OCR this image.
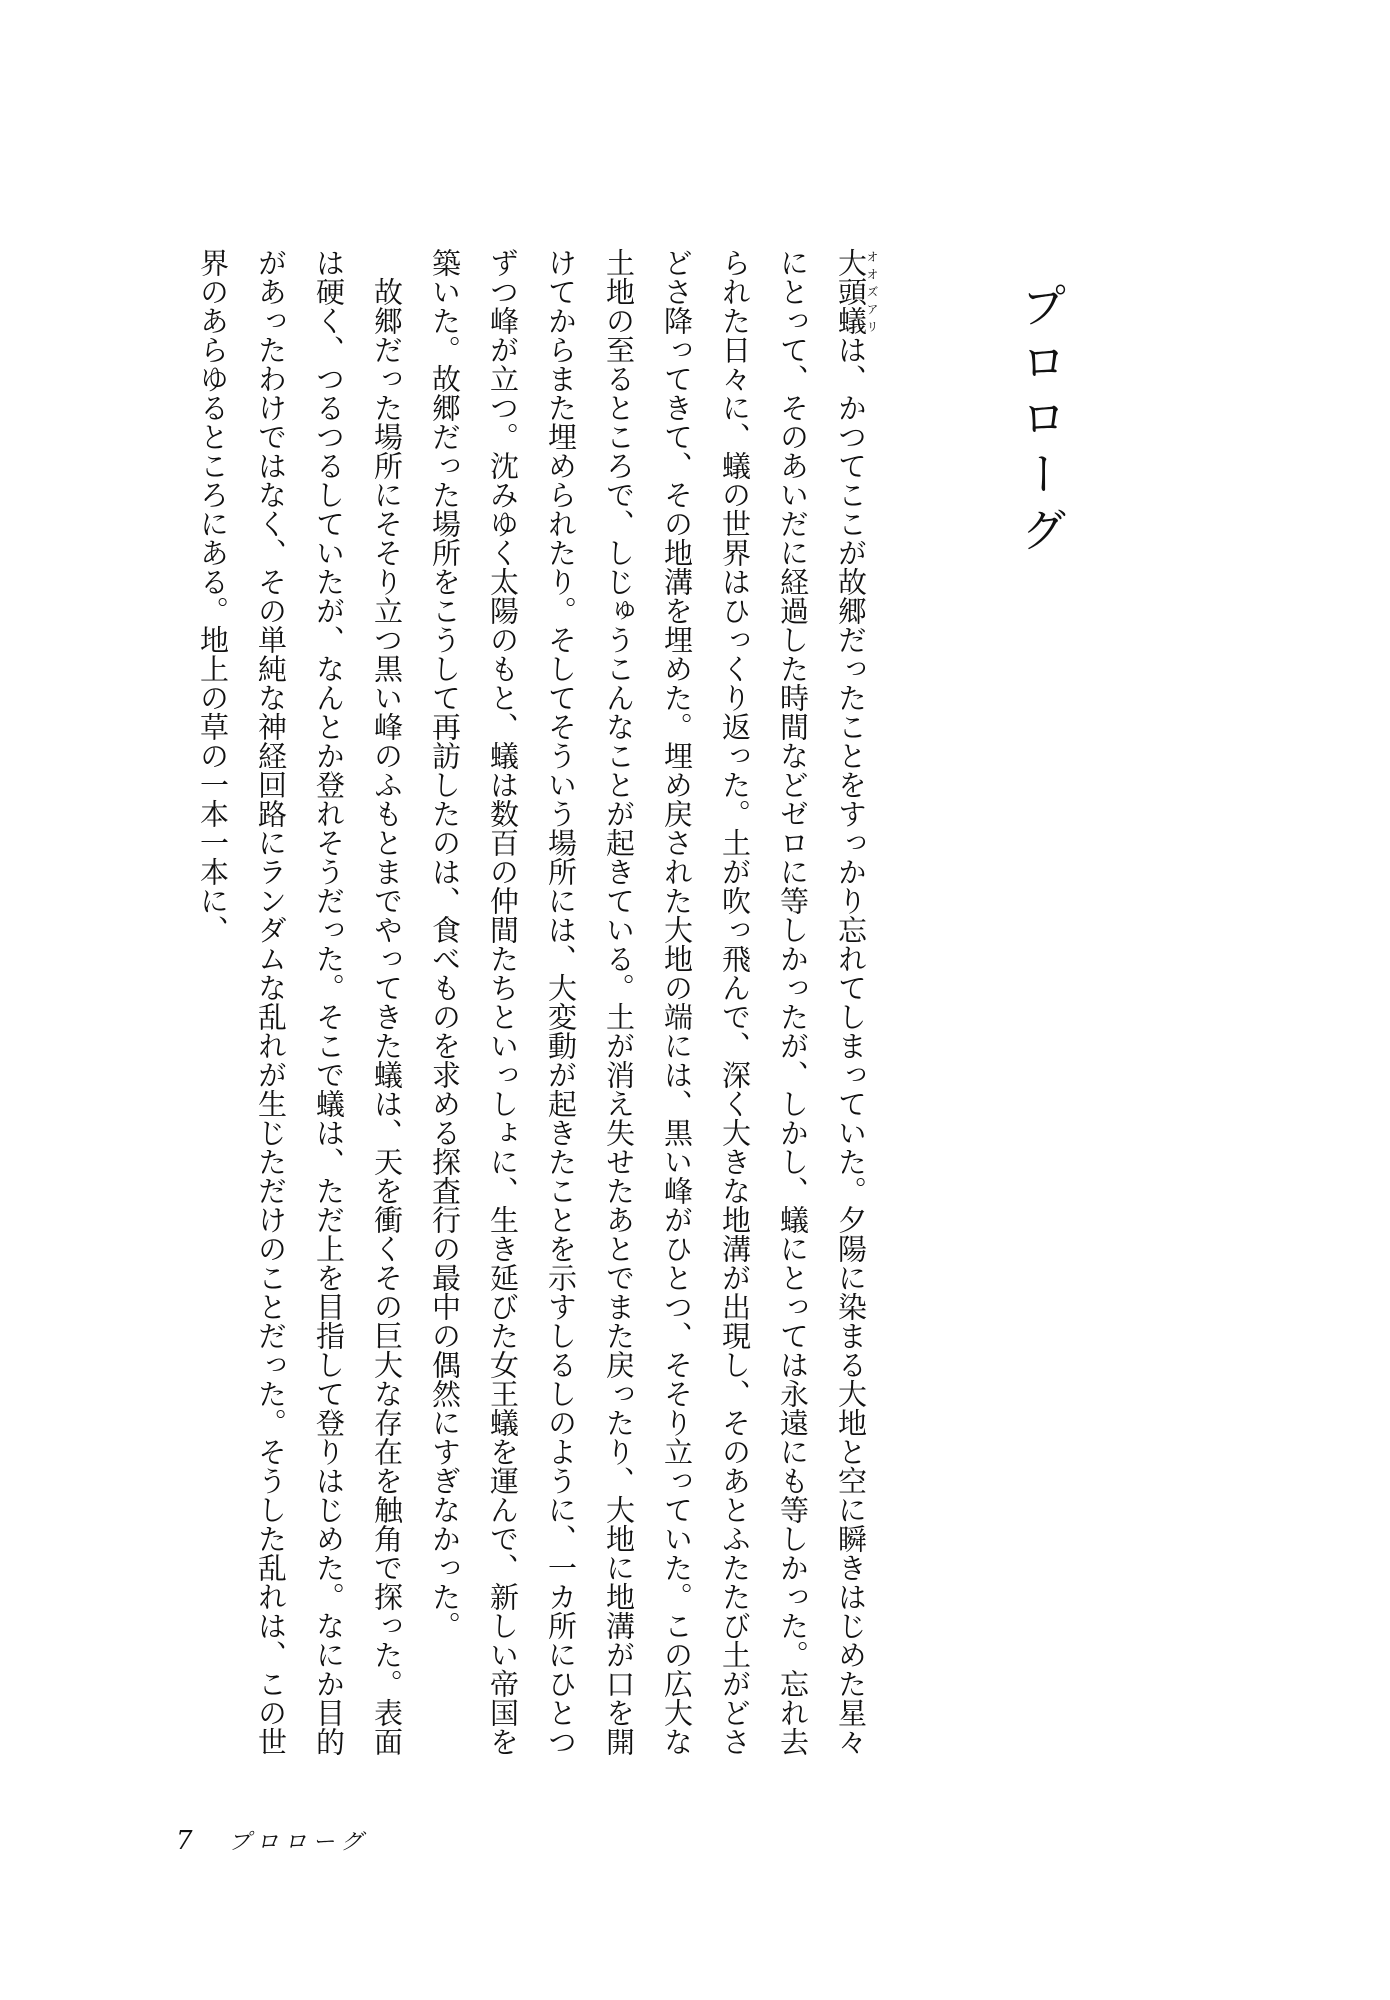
プロローグ

大頭蟻オオズアリは、かつてここが故郷だったことをすっかり忘れてしまっていた。夕陽に染まる大地と空に瞬きはじめた星々にとって、そのあいだに経過した時間などゼロに等しかったが、しかし、蟻にとっては永遠にも等しかった。忘れ去られた日々に、蟻の世界はひっくり返った。土が吹っ飛んで、深く大きな地溝が出現し、そのあとふたたび土がどさどさ降ってきて、その地溝を埋めた。埋め戻された大地の端には、黒い峰がひとつ、そそり立っていた。この広大な土地の至るところで、しじゅうこんなことが起きている。土が消え失せたあとでまた戻ったり、大地に地溝が口を開けてからまた埋められたり。そしてそういう場所には、大変動が起きたことを示すしるしのように、一カ所にひとつずつ峰が立つ。沈みゆく太陽のもと、蟻は数百の仲間たちといっしょに、生き延びた女王蟻を運んで、新しい帝国を築いた。故郷だった場所をこうして再訪したのは、食べものを求める探査行の最中の偶然にすぎなかった。

故郷だった場所にそそり立つ黒い峰のふもとまでやってきた蟻は、天を衝くその巨大な存在を触角で探った。表面は硬く、つるつるしていたが、なんとか登れそうだった。そこで蟻は、ただ上を目指して登りはじめた。なにか目的があったわけではなく、その単純な神経回路にランダムな乱れが生じただけのことだった。そうした乱れは、この世界のあらゆるところにある。地上の草の一本一本に、

7 プロローグ
